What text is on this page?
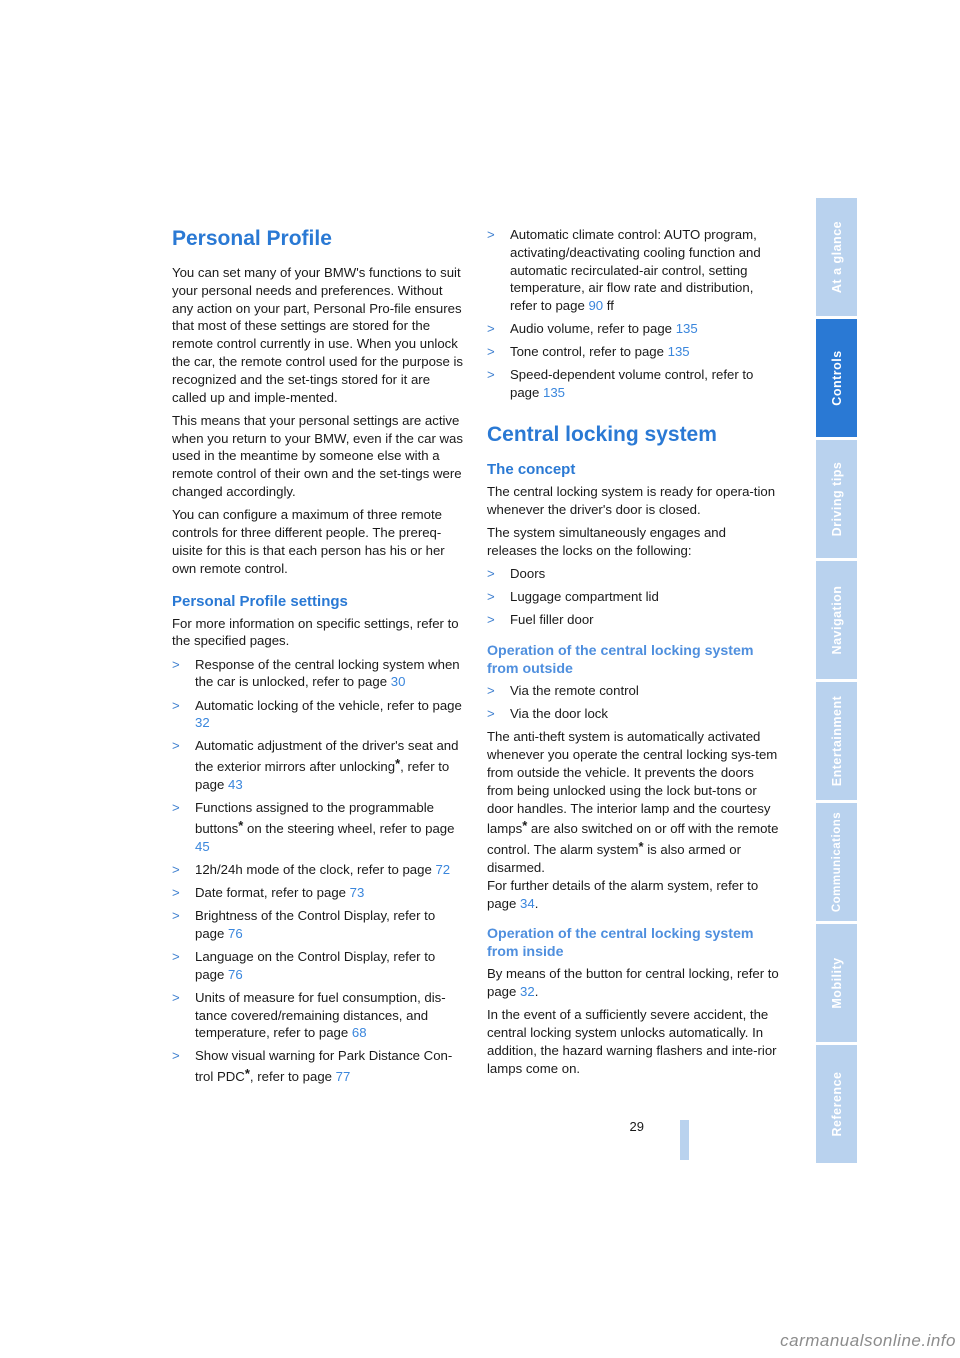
Personal Profile

You can set many of your BMW's functions to suit your personal needs and preferences. Without any action on your part, Personal Pro-file ensures that most of these settings are stored for the remote control currently in use. When you unlock the car, the remote control used for the purpose is recognized and the set-tings stored for it are called up and imple-mented.

This means that your personal settings are active when you return to your BMW, even if the car was used in the meantime by someone else with a remote control of their own and the set-tings were changed accordingly.

You can configure a maximum of three remote controls for three different people. The prereq-uisite for this is that each person has his or her own remote control.

Personal Profile settings

For more information on specific settings, refer to the specified pages.

> Response of the central locking system when the car is unlocked, refer to page 30
> Automatic locking of the vehicle, refer to page 32
> Automatic adjustment of the driver's seat and the exterior mirrors after unlocking*, refer to page 43
> Functions assigned to the programmable buttons* on the steering wheel, refer to page 45
> 12h/24h mode of the clock, refer to page 72
> Date format, refer to page 73
> Brightness of the Control Display, refer to page 76
> Language on the Control Display, refer to page 76
> Units of measure for fuel consumption, dis-tance covered/remaining distances, and temperature, refer to page 68
> Show visual warning for Park Distance Con-trol PDC*, refer to page 77
> Automatic climate control: AUTO program, activating/deactivating cooling function and automatic recirculated-air control, setting temperature, air flow rate and distribution, refer to page 90 ff
> Audio volume, refer to page 135
> Tone control, refer to page 135
> Speed-dependent volume control, refer to page 135
Central locking system
The concept

The central locking system is ready for opera-tion whenever the driver's door is closed.

The system simultaneously engages and releases the locks on the following:

> Doors
> Luggage compartment lid
> Fuel filler door
Operation of the central locking system from outside
> Via the remote control
> Via the door lock

The anti-theft system is automatically activated whenever you operate the central locking sys-tem from outside the vehicle. It prevents the doors from being unlocked using the lock but-tons or door handles. The interior lamp and the courtesy lamps* are also switched on or off with the remote control. The alarm system* is also armed or disarmed.

For further details of the alarm system, refer to page 34.

Operation of the central locking system from inside

By means of the button for central locking, refer to page 32.

In the event of a sufficiently severe accident, the central locking system unlocks automatically. In addition, the hazard warning flashers and inte-rior lamps come on.

At a glance
Controls
Driving tips
Navigation
Entertainment
Communications
Mobility
Reference
29
carmanualsonline.info
